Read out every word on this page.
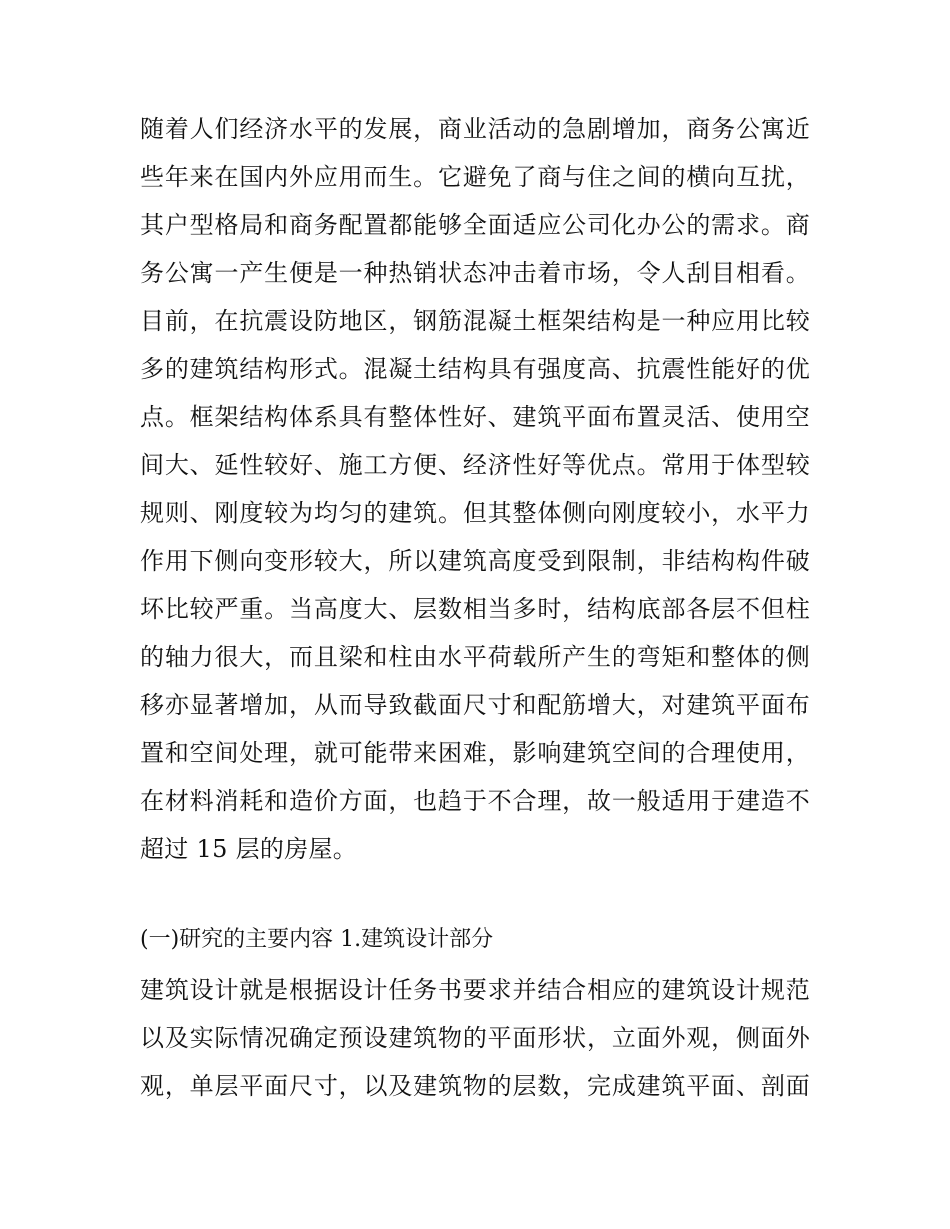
随着人们经济水平的发展，商业活动的急剧增加，商务公寓近
些年来在国内外应用而生。它避免了商与住之间的横向互扰，
其户型格局和商务配置都能够全面适应公司化办公的需求。商
务公寓一产生便是一种热销状态冲击着市场，令人刮目相看。
目前，在抗震设防地区，钢筋混凝土框架结构是一种应用比较
多的建筑结构形式。混凝土结构具有强度高、抗震性能好的优
点。框架结构体系具有整体性好、建筑平面布置灵活、使用空
间大、延性较好、施工方便、经济性好等优点。常用于体型较
规则、刚度较为均匀的建筑。但其整体侧向刚度较小，水平力
作用下侧向变形较大，所以建筑高度受到限制，非结构构件破
坏比较严重。当高度大、层数相当多时，结构底部各层不但柱
的轴力很大，而且梁和柱由水平荷载所产生的弯矩和整体的侧
移亦显著增加，从而导致截面尺寸和配筋增大，对建筑平面布
置和空间处理，就可能带来困难，影响建筑空间的合理使用，
在材料消耗和造价方面，也趋于不合理，故一般适用于建造不
超过 15 层的房屋。
(一)研究的主要内容 1.建筑设计部分
建筑设计就是根据设计任务书要求并结合相应的建筑设计规范
以及实际情况确定预设建筑物的平面形状，立面外观，侧面外
观，单层平面尺寸，以及建筑物的层数，完成建筑平面、剖面
